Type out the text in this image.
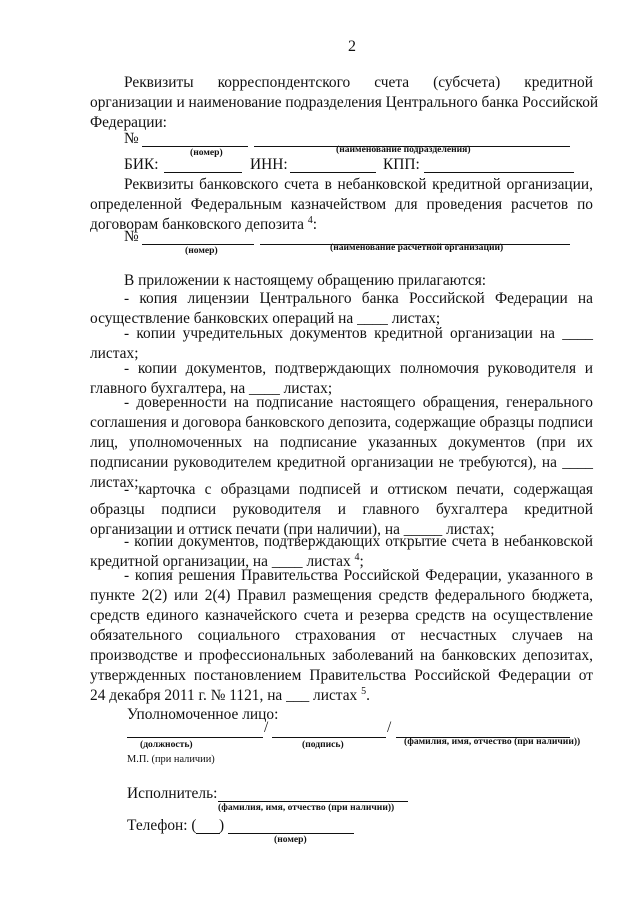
2
Реквизиты корреспондентского счета (субсчета) кредитной
организации и наименование подразделения Центрального банка Российской
Федерации:
№
(номер)	(наименование подразделения)
БИК:	ИНН:	КПП:
Реквизиты банковского счета в небанковской кредитной организации,
определенной Федеральным казначейством для проведения расчетов по
договорам банковского депозита $^4$:
№
(номер)	(наименование расчетной организации)
В приложении к настоящему обращению прилагаются:
- копия лицензии Центрального банка Российской Федерации на
осуществление банковских операций на ____ листах;
- копии учредительных документов кредитной организации на ____
листах;
- копии документов, подтверждающих полномочия руководителя и
главного бухгалтера, на ____ листах;
- доверенности на подписание настоящего обращения, генерального
соглашения и договора банковского депозита, содержащие образцы подписи
лиц, уполномоченных на подписание указанных документов (при их
подписании руководителем кредитной организации не требуются), на ____
листах;
- карточка с образцами подписей и оттиском печати, содержащая
образцы подписи руководителя и главного бухгалтера кредитной
организации и оттиск печати (при наличии), на _____ листах;
- копии документов, подтверждающих открытие счета в небанковской
кредитной организации, на ____ листах $^4$;
- копия решения Правительства Российской Федерации, указанного в
пункте 2(2) или 2(4) Правил размещения средств федерального бюджета,
средств единого казначейского счета и резерва средств на осуществление
обязательного социального страхования от несчастных случаев на
производстве и профессиональных заболеваний на банковских депозитах,
утвержденных постановлением Правительства Российской Федерации от
24 декабря 2011 г. № 1121, на ___ листах $^5$.
Уполномоченное лицо:
/	/
(должность)	(подпись)	(фамилия, имя, отчество (при наличии))
М.П. (при наличии)
Исполнитель:
(фамилия, имя, отчество (при наличии))
Телефон: ( )
(номер)
